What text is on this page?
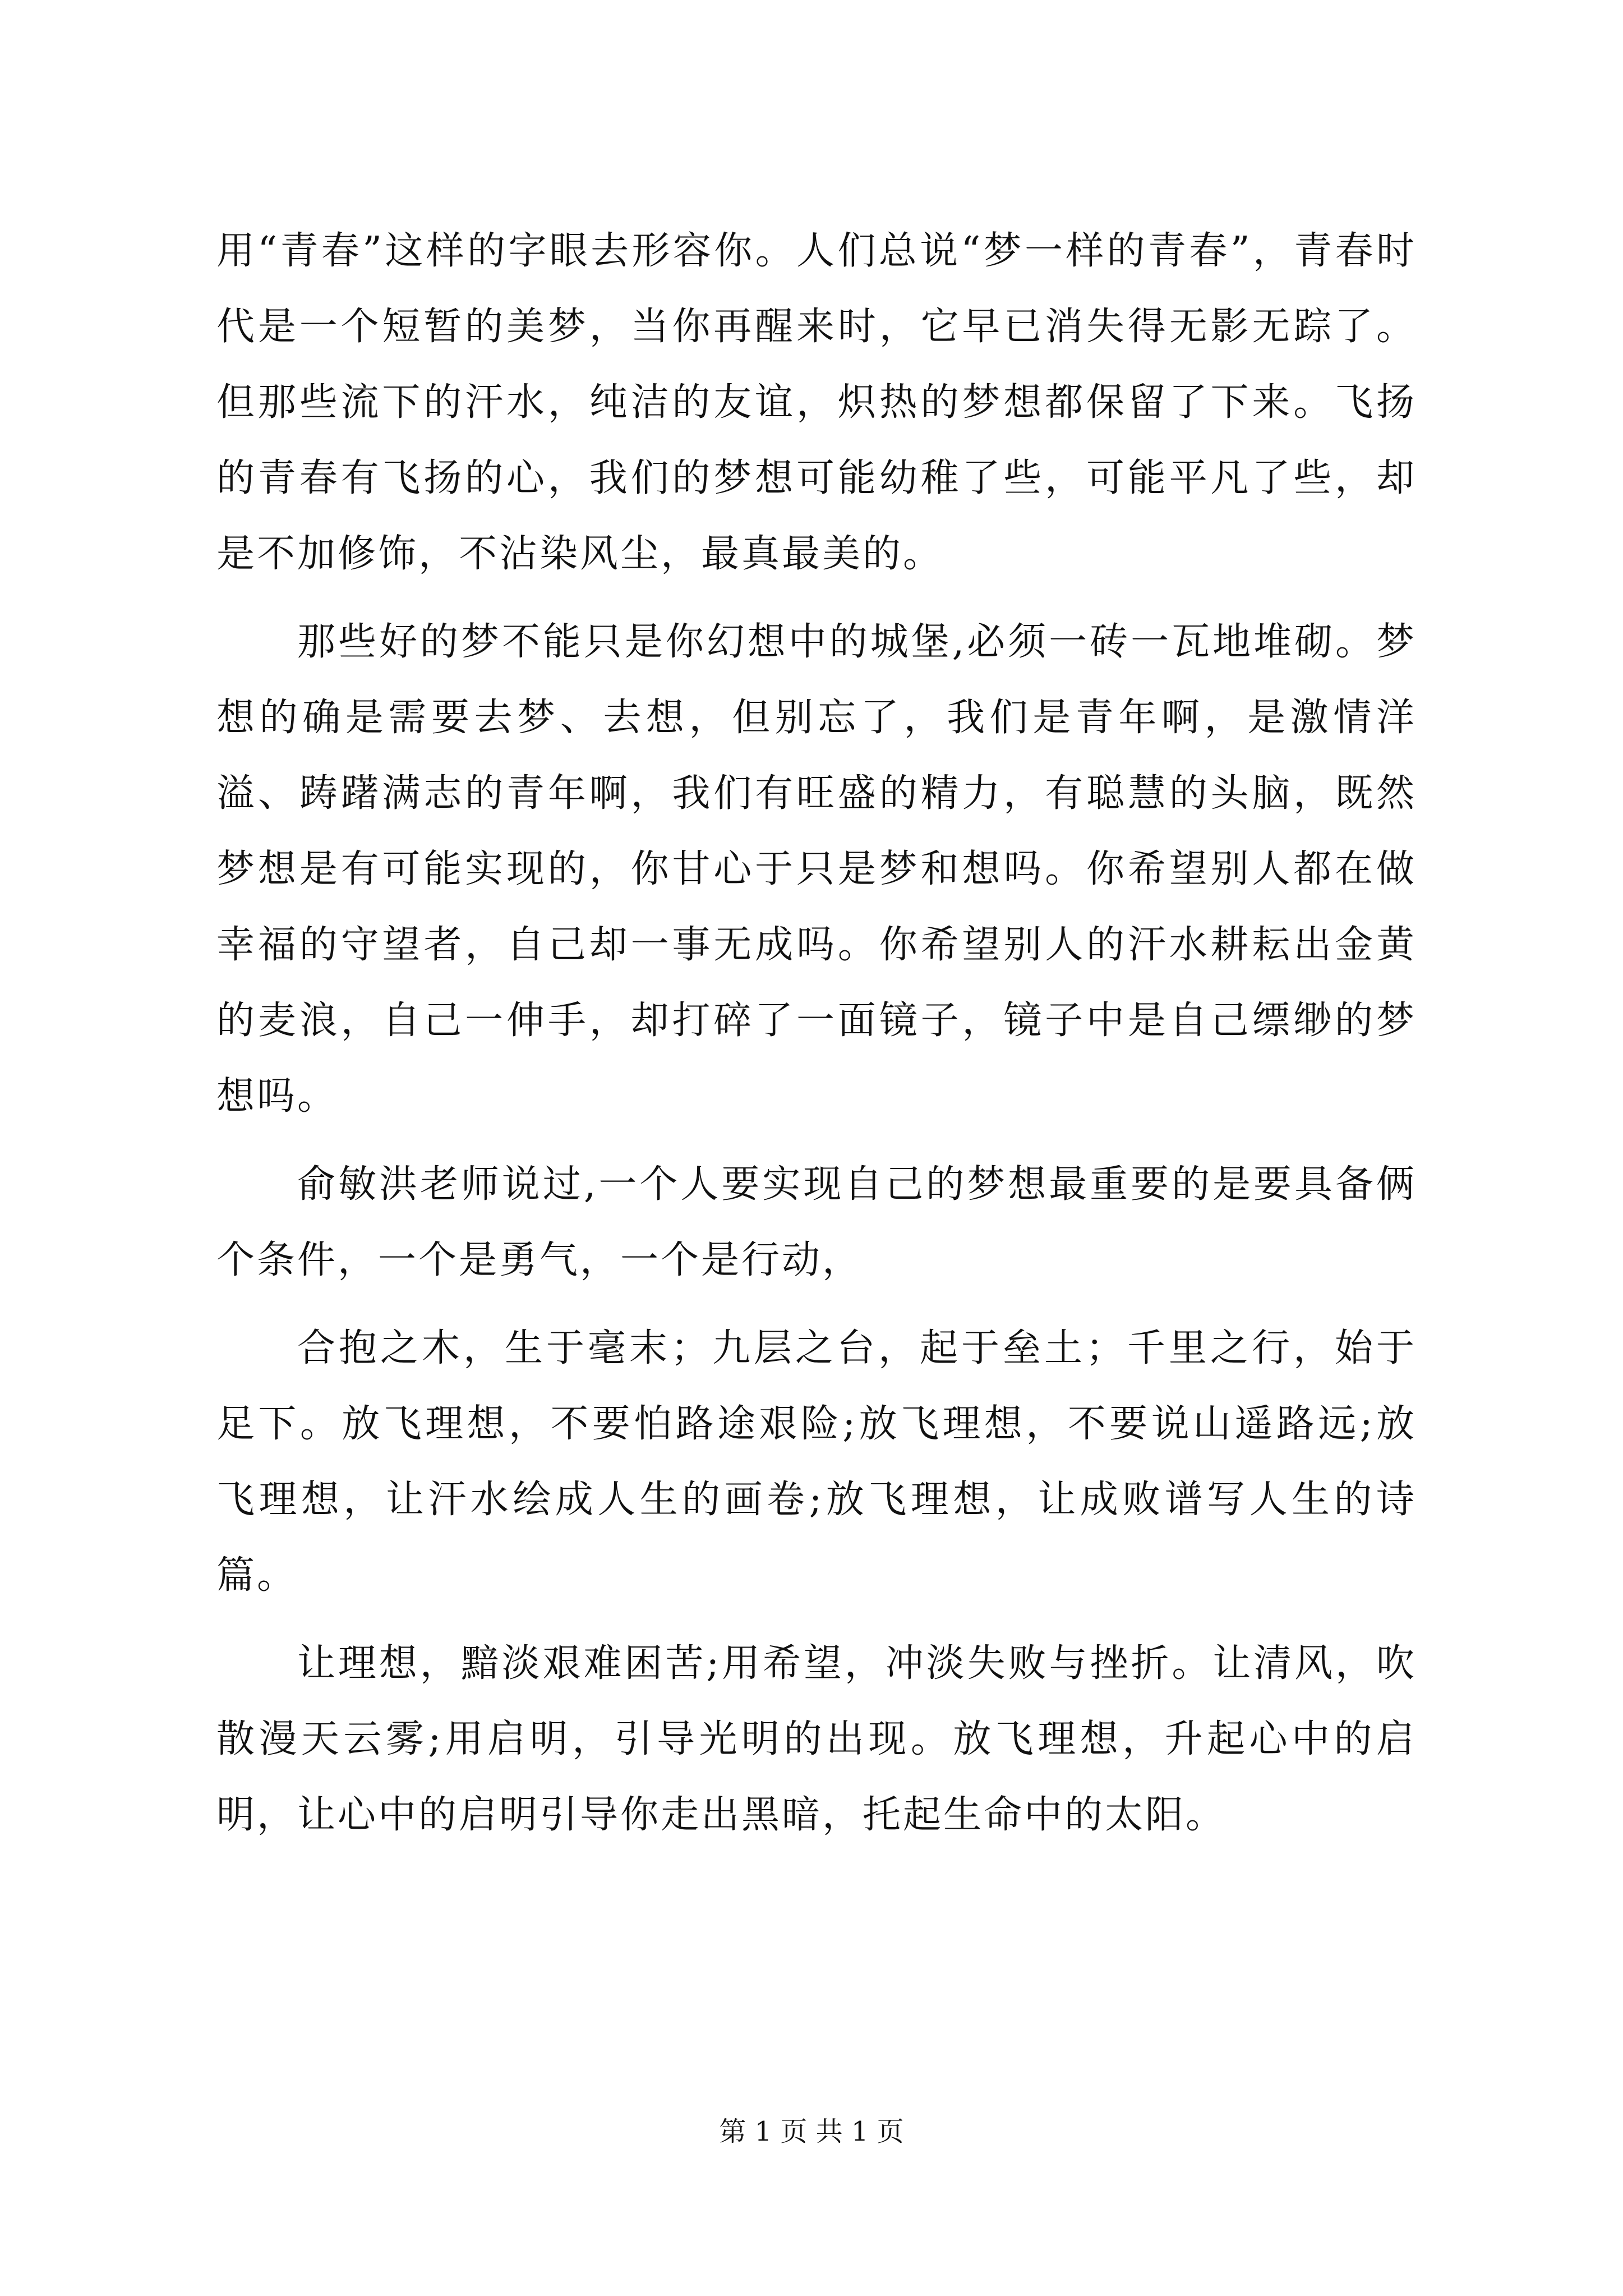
用“青春”这样的字眼去形容你。人们总说“梦一样的青春”，青春时代是一个短暂的美梦，当你再醒来时，它早已消失得无影无踪了。但那些流下的汗水，纯洁的友谊，炽热的梦想都保留了下来。飞扬的青春有飞扬的心，我们的梦想可能幼稚了些，可能平凡了些，却是不加修饰，不沾染风尘，最真最美的。

那些好的梦不能只是你幻想中的城堡,必须一砖一瓦地堆砌。梦想的确是需要去梦、去想，但别忘了，我们是青年啊，是激情洋溢、踌躇满志的青年啊，我们有旺盛的精力，有聪慧的头脑，既然梦想是有可能实现的，你甘心于只是梦和想吗。你希望别人都在做幸福的守望者，自己却一事无成吗。你希望别人的汗水耕耘出金黄的麦浪，自己一伸手，却打碎了一面镜子，镜子中是自己缥缈的梦想吗。

俞敏洪老师说过,一个人要实现自己的梦想最重要的是要具备俩个条件，一个是勇气，一个是行动，

合抱之木，生于毫末；九层之台，起于垒土；千里之行，始于足下。放飞理想，不要怕路途艰险;放飞理想，不要说山遥路远;放飞理想，让汗水绘成人生的画卷;放飞理想，让成败谱写人生的诗篇。

让理想，黯淡艰难困苦;用希望，冲淡失败与挫折。让清风，吹散漫天云雾;用启明，引导光明的出现。放飞理想，升起心中的启明，让心中的启明引导你走出黑暗，托起生命中的太阳。

第 1 页 共 1 页
